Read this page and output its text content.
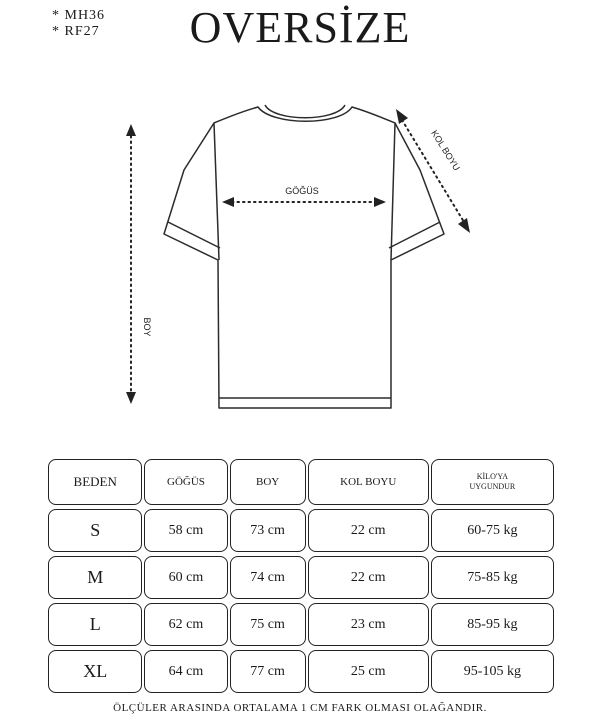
* MH36
* RF27	OVERSİZE
GÖĞÜS
BOY
KOL BOYU
BEDEN	GÖĞÜS	BOY	KOL BOYU	KİLO'YA
UYGUNDUR

S	58 cm	73 cm	22 cm	60-75 kg
M	60 cm	74 cm	22 cm	75-85 kg
L	62 cm	75 cm	23 cm	85-95 kg
XL	64 cm	77 cm	25 cm	95-105 kg
ÖLÇÜLER ARASINDA ORTALAMA 1 CM FARK OLMASI OLAĞANDIR.
